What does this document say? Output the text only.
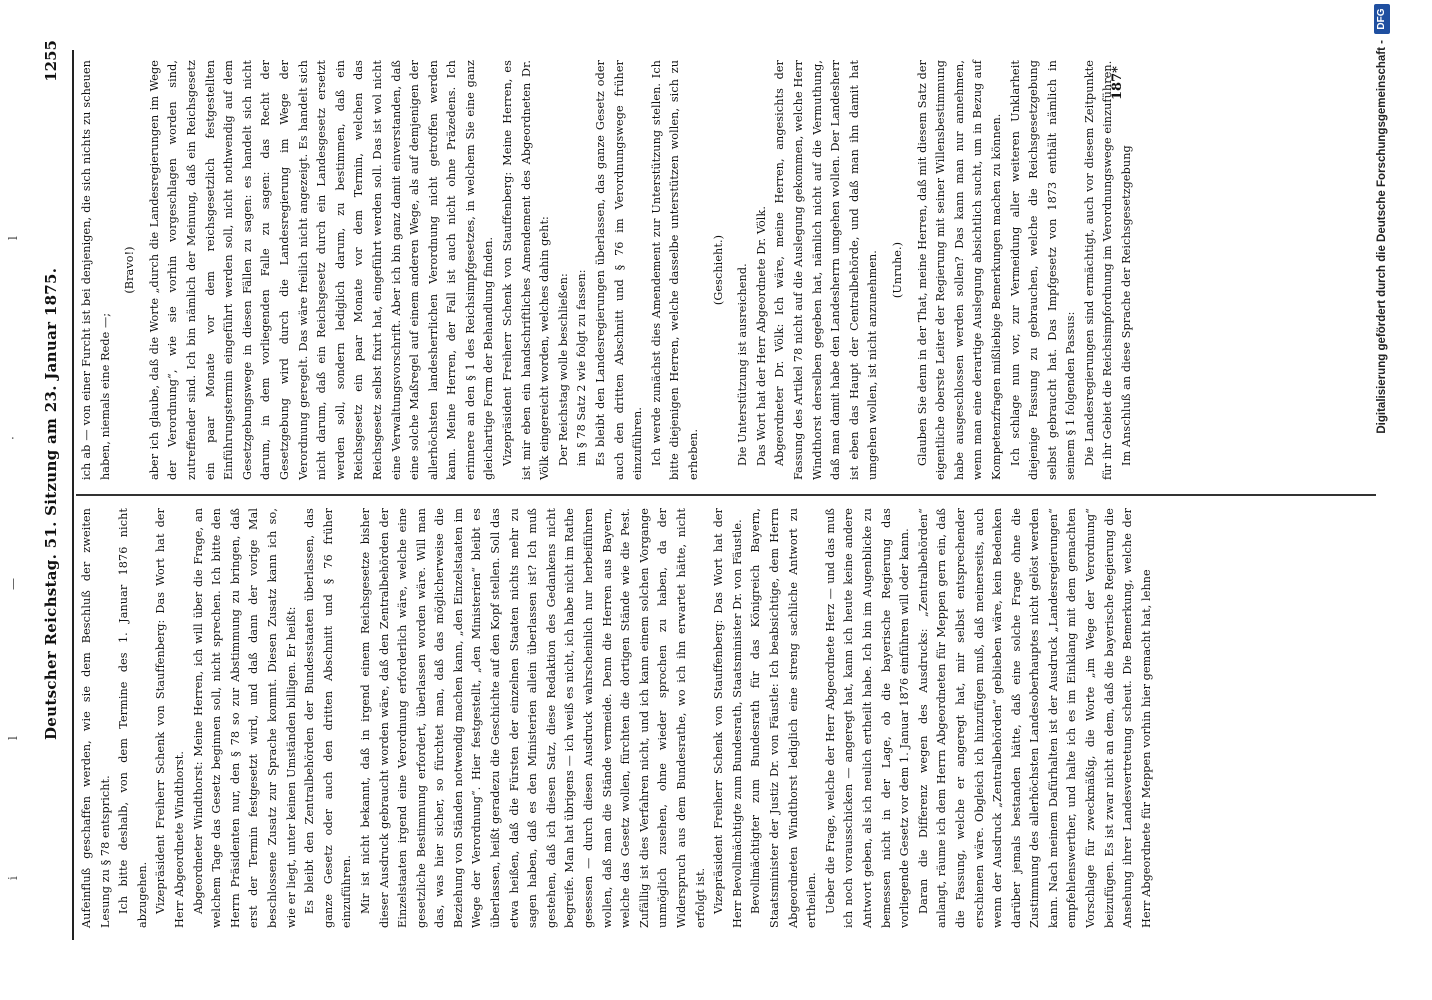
i
l
—
·
l
Deutscher Reichstag. 51. Sitzung am 23. Januar 1875.
1255

Aufeinfluß geschaffen werden, wie sie dem Beschluß der zweiten Lesung zu § 78 entspricht. Ich bitte deshalb, von dem Termine des 1. Januar 1876 nicht abzugehen. Vizepräsident Freiherr Schenk von Stauffenberg: Das Wort hat der Herr Abgeordnete Windthorst. Abgeordneter Windthorst: Meine Herren, ich will über die Frage, an welchem Tage das Gesetz beginnen soll, nicht sprechen. Ich bitte den Herrn Präsidenten nur, den § 78 so zur Abstimmung zu bringen, daß erst der Termin festgesetzt wird, und daß dann der vorige Mal beschlossene Zusatz zur Sprache kommt. Diesen Zusatz kann ich so, wie er liegt, unter keinen Umständen billigen. Er heißt: Es bleibt den Zentralbehörden der Bundesstaaten überlassen, das ganze Gesetz oder auch den dritten Abschnitt und § 76 früher einzuführen. Mir ist nicht bekannt, daß in irgend einem Reichsgesetze bisher dieser Ausdruck gebraucht worden wäre, daß den Zentralbehörden der Einzelstaaten irgend eine Verordnung erforderlich wäre, welche eine gesetzliche Bestimmung erfordert, überlassen worden wäre. Will man das, was hier sicher, so fürchtet man, daß das möglicherweise die Beziehung von Ständen notwendig machen kann, „den Einzelstaaten im Wege der Verordnung“. Hier festgestellt, „den Ministerien“ bleibt es überlassen, heißt geradezu die Geschichte auf den Kopf stellen. Soll das etwa heißen, daß die Fürsten der einzelnen Staaten nichts mehr zu sagen haben, daß es den Ministerien allein überlassen ist? Ich muß gestehen, daß ich diesen Satz, diese Redaktion des Gedankens nicht begreife. Man hat übrigens — ich weiß es nicht, ich habe nicht im Rathe gesessen — durch diesen Ausdruck wahrscheinlich nur herbeiführen wollen, daß man die Stände vermeide. Denn die Herren aus Bayern, welche das Gesetz wollen, fürchten die dortigen Stände wie die Pest. Zufällig ist dies Verfahren nicht, und ich kann einem solchen Vorgange unmöglich zusehen, ohne wieder sprochen zu haben, da der Widerspruch aus dem Bundesrathe, wo ich ihn erwartet hätte, nicht erfolgt ist. Vizepräsident Freiherr Schenk von Stauffenberg: Das Wort hat der Herr Bevollmächtigte zum Bundesrath, Staatsminister Dr. von Fäustle. Bevollmächtigter zum Bundesrath für das Königreich Bayern, Staatsminister der Justiz Dr. von Fäustle: Ich beabsichtige, dem Herrn Abgeordneten Windthorst lediglich eine streng sachliche Antwort zu ertheilen. Ueber die Frage, welche der Herr Abgeordnete Herz — und das muß ich noch vorausschicken — angeregt hat, kann ich heute keine andere Antwort geben, als ich neulich ertheilt habe. Ich bin im Augenblicke zu bemessen nicht in der Lage, ob die bayerische Regierung das vorliegende Gesetz vor dem 1. Januar 1876 einführen will oder kann. Daran die Differenz wegen des Ausdrucks: „Zentralbehörden“ anlangt, räume ich dem Herrn Abgeordneten für Meppen gern ein, daß die Fassung, welche er angeregt hat, mir selbst entsprechender erschienen wäre. Obgleich ich hinzufügen muß, daß meinerseits, auch wenn der Ausdruck „Zentralbehörden“ geblieben wäre, kein Bedenken darüber jemals bestanden hätte, daß eine solche Frage ohne die Zustimmung des allerhöchsten Landesoberhauptes nicht gelöst werden kann. Nach meinem Dafürhalten ist der Ausdruck „Landesregierungen“ empfehlenswerther, und halte ich es im Einklang mit dem gemachten Vorschlage für zweckmäßig, die Worte „im Wege der Verordnung“ beizufügen. Es ist zwar nicht an dem, daß die bayerische Regierung die Ansehung ihrer Landesvertretung scheut. Die Bemerkung, welche der Herr Abgeordnete für Meppen vorhin hier gemacht hat, lehne

ich ab — von einer Furcht ist bei denjenigen, die sich nichts zu scheuen haben, niemals eine Rede —;

(Bravo!)	aber ich glaube, daß die Worte „durch die Landesregierungen im Wege der Verordnung“, wie sie vorhin vorgeschlagen worden sind, zutreffender sind. Ich bin nämlich der Meinung, daß ein Reichsgesetz ein paar Monate vor dem reichsgesetzlich festgestellten Einführungstermin eingeführt werden soll, nicht nothwendig auf dem Gesetzgebungswege in diesen Fällen zu sagen: es handelt sich nicht darum, in dem vorliegenden Falle zu sagen: das Recht der Gesetzgebung wird durch die Landesregierung im Wege der Verordnung geregelt. Das wäre freilich nicht angezeigt. Es handelt sich nicht darum, daß ein Reichsgesetz durch ein Landesgesetz ersetzt werden soll, sondern lediglich darum, zu bestimmen, daß ein Reichsgesetz ein paar Monate vor dem Termin, welchen das Reichsgesetz selbst fixirt hat, eingeführt werden soll. Das ist wol nicht eine Verwaltungsvorschrift. Aber ich bin ganz damit einverstanden, daß eine solche Maßregel auf einem anderen Wege, als auf demjenigen der allerhöchsten landesherrlichen Verordnung nicht getroffen werden kann. Meine Herren, der Fall ist auch nicht ohne Präzedens. Ich erinnere an den § 1 des Reichsimpfgesetzes, in welchem Sie eine ganz gleichartige Form der Behandlung finden. Vizepräsident Freiherr Schenk von Stauffenberg: Meine Herren, es ist mir eben ein handschriftliches Amendement des Abgeordneten Dr. Völk eingereicht worden, welches dahin geht: Der Reichstag wolle beschließen: im § 78 Satz 2 wie folgt zu fassen: Es bleibt den Landesregierungen überlassen, das ganze Gesetz oder auch den dritten Abschnitt und § 76 im Verordnungswege früher einzuführen. Ich werde zunächst dies Amendement zur Unterstützung stellen. Ich bitte diejenigen Herren, welche dasselbe unterstützen wollen, sich zu erheben.

(Geschieht.)	Die Unterstützung ist ausreichend. Das Wort hat der Herr Abgeordnete Dr. Völk. Abgeordneter Dr. Völk: Ich wäre, meine Herren, angesichts der Fassung des Artikel 78 nicht auf die Auslegung gekommen, welche Herr Windthorst derselben gegeben hat, nämlich nicht auf die Vermuthung, daß man damit habe den Landesherrn umgehen wollen. Der Landesherr ist eben das Haupt der Centralbehörde, und daß man ihn damit hat umgehen wollen, ist nicht anzunehmen.	(Unruhe.)	Glauben Sie denn in der That, meine Herren, daß mit diesem Satz der eigentliche oberste Leiter der Regierung mit seiner Willensbestimmung habe ausgeschlossen werden sollen? Das kann man nur annehmen, wenn man eine derartige Auslegung absichtlich sucht, um in Bezug auf Kompetenzfragen mißliebige Bemerkungen machen zu können. Ich schlage nun vor, zur Vermeidung aller weiteren Unklarheit diejenige Fassung zu gebrauchen, welche die Reichsgesetzgebung selbst gebraucht hat. Das Impfgesetz von 1873 enthält nämlich in seinem § 1 folgenden Passus: Die Landesregierungen sind ermächtigt, auch vor diesem Zeitpunkte für ihr Gebiet die Reichsimpfordnung im Verordnungswege einzuführen. Im Anschluß an diese Sprache der Reichsgesetzgebung

187*	Digitalisierung gefördert durch die Deutsche Forschungsgemeinschaft -
DFG
